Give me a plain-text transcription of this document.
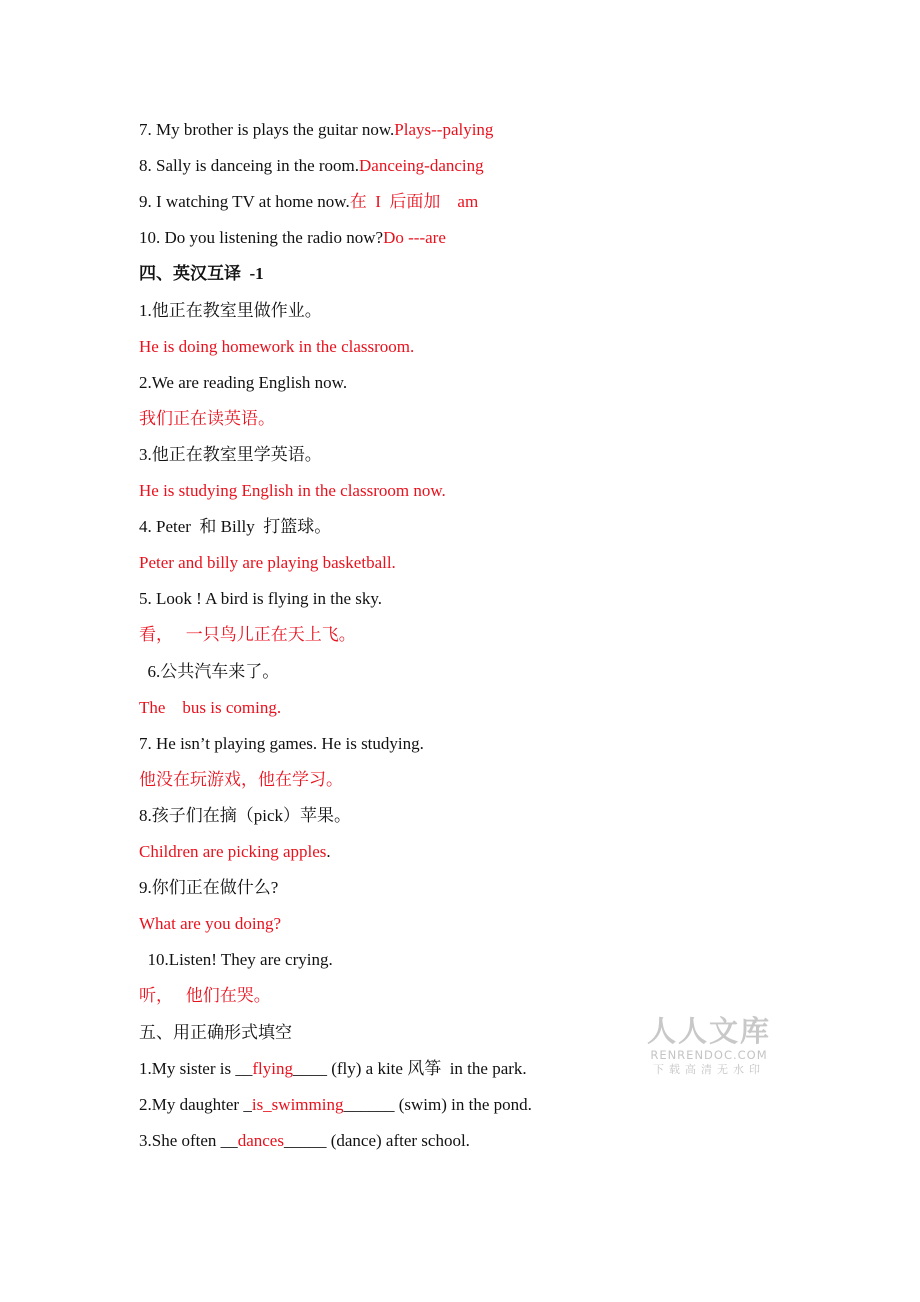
7. My brother is plays the guitar now.Plays--palying
8. Sally is danceing in the room.Danceing-dancing
9. I watching TV at home now.在  I  后面加    am
10. Do you listening the radio now?Do ---are
四、英汉互译  -1
1.他正在教室里做作业。
He is doing homework in the classroom.
2.We are reading English now.
我们正在读英语。
3.他正在教室里学英语。
He is studying English in the classroom now.
4. Peter  和 Billy  打篮球。
Peter and billy are playing basketball.
5. Look ! A bird is flying in the sky.
看，   一只鸟儿正在天上飞。
6.公共汽车来了。
The    bus is coming.
7. He isn’t playing games. He is studying.
他没在玩游戏，他在学习。
8.孩子们在摘（pick）苹果。
Children are picking apples.
9.你们正在做什么?
What are you doing?
10.Listen! They are crying.
听，   他们在哭。
五、用正确形式填空
1.My sister is __flying____ (fly) a kite 风筝  in the park.
2.My daughter _is_swimming______ (swim) in the pond.
3.She often __dances_____ (dance) after school.
人人文库
RENRENDOC.COM
下载高清无水印
